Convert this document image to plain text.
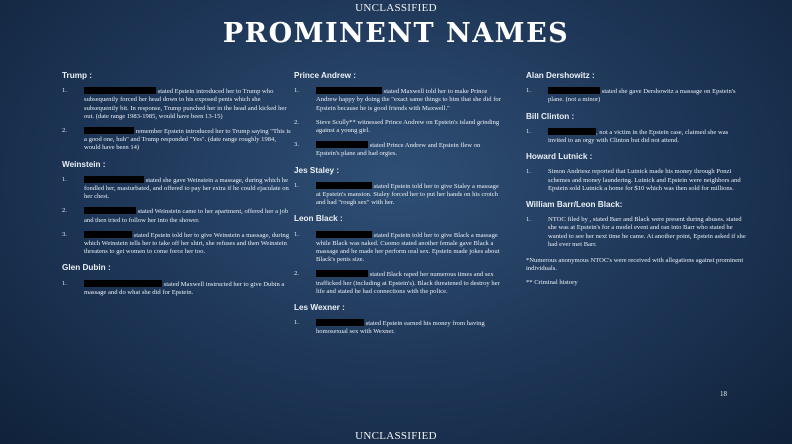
UNCLASSIFIED
PROMINENT NAMES
Trump :
1.	stated Epstein introduced her to Trump who subsequently forced her head down to his exposed penis which she subsequently bit. In response, Trump punched her in the head and kicked her out. (date range 1983-1985, would have been 13-15)
2.	remember Epstein introduced her to Trump saying "This is a good one, huh" and Trump responded "Yes". (date range roughly 1984, would have been 14)
Weinstein :
1.	stated she gave Weinstein a massage, during which he fondled her, masturbated, and offered to pay her extra if he could ejaculate on her chest.
2.	stated Weinstein came to her apartment, offered her a job and then tried to follow her into the shower.
3.	stated Epstein told her to give Weinstein a massage, during which Weinstein tells her to take off her shirt, she refuses and then Weinstein threatens to get women to come force her too.
Glen Dubin :
1.	stated Maxwell instructed her to give Dubin a massage and do what she did for Epstein.
Prince Andrew :
1.	stated Maxwell told her to make Prince Andrew happy by doing the "exact same things to him that she did for Epstein because he is good friends with Maxwell."
2.	Steve Scully** witnessed Prince Andrew on Epstein's island grinding against a young girl.
3.	stated Prince Andrew and Epstein flew on Epstein's plane and had orgies.
Jes Staley :
1.	stated Epstein told her to give Staley a massage at Epstein's mansion. Staley forced her to put her hands on his crotch and had "rough sex" with her.
Leon Black :
1.	stated Epstein told her to give Black a massage while Black was naked. Cuomo stated another female gave Black a massage and he made her perform oral sex. Epstein made jokes about Black's penis size.
2.	stated Black raped her numerous times and sex trafficked her (including at Epstein's). Black threatened to destroy her life and stated he had connections with the police.
Les Wexner :
1.	stated Epstein earned his money from having homosexual sex with Wexner.
Alan Dershowitz :
1.	stated she gave Dershowitz a massage on Epstein's plane. (not a minor)
Bill Clinton :
1.	, not a victim in the Epstein case, claimed she was invited to an orgy with Clinton but did not attend.
Howard Lutnick :
1.	Simon Andriesz reported that Lutnick made his money through Ponzi schemes and money laundering. Lutnick and Epstein were neighbors and Epstein sold Lutnick a home for $10 which was then sold for millions.
William Barr/Leon Black:
1.	NTOC filed by , stated Barr and Black were present during abuses. stated she was at Epstein's for a model event and ran into Barr who stated he wanted to see her next time he came. At another point, Epstein asked if she had ever met Barr.
*Numerous anonymous NTOC's were received with allegations against prominent individuals.
** Criminal history
18
UNCLASSIFIED
